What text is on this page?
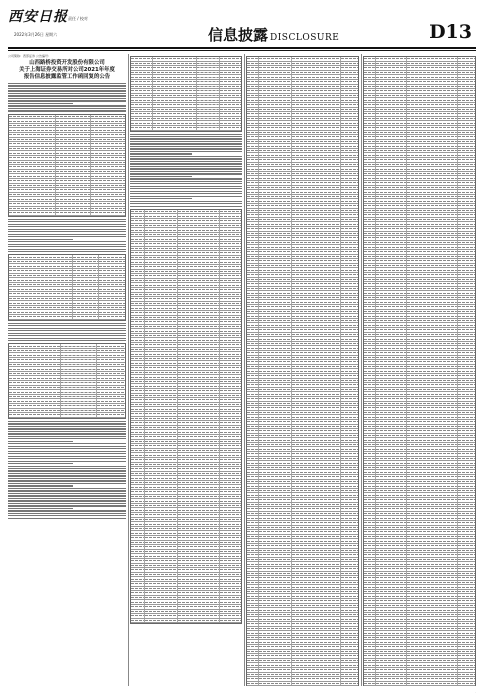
西安日报 责任 / 校对
2022年3月26日 星期六	信息披露 DISCLOSURE	D13
公司简称：西部证券 公告编号：
山西路桥投资开发股份有限公司
关于上海证券交易所对公司2021年年度
报告信息披露监管工作函回复的公告
·
